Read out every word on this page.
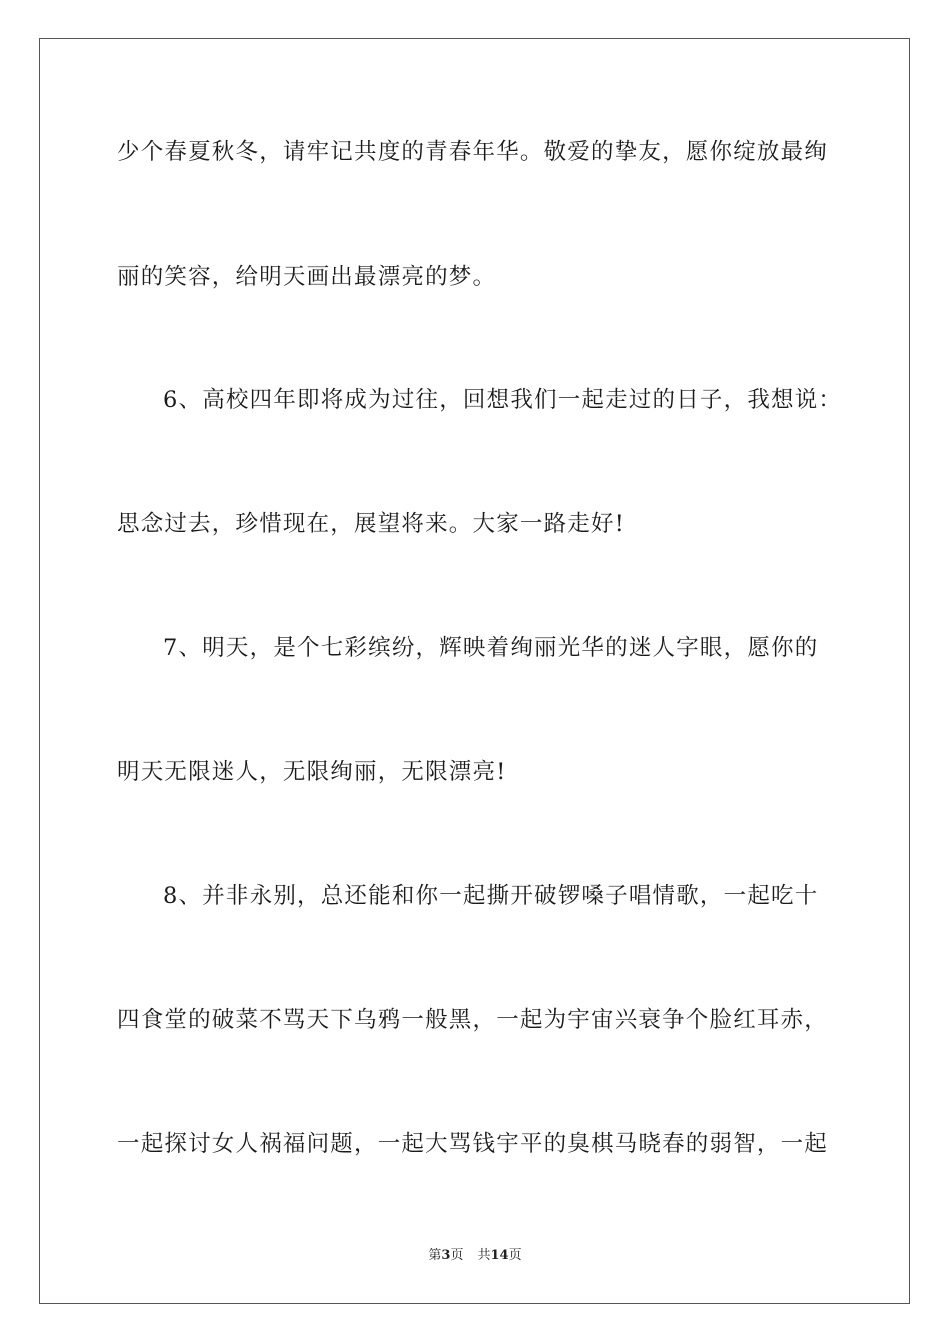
少个春夏秋冬，请牢记共度的青春年华。敬爱的挚友，愿你绽放最绚
丽的笑容，给明天画出最漂亮的梦。
6、高校四年即将成为过往，回想我们一起走过的日子，我想说：
思念过去，珍惜现在，展望将来。大家一路走好!
7、明天，是个七彩缤纷，辉映着绚丽光华的迷人字眼，愿你的
明天无限迷人，无限绚丽，无限漂亮!
8、并非永别，总还能和你一起撕开破锣嗓子唱情歌，一起吃十
四食堂的破菜不骂天下乌鸦一般黑，一起为宇宙兴衰争个脸红耳赤，
一起探讨女人祸福问题，一起大骂钱宇平的臭棋马晓春的弱智，一起
第3页 共14页
